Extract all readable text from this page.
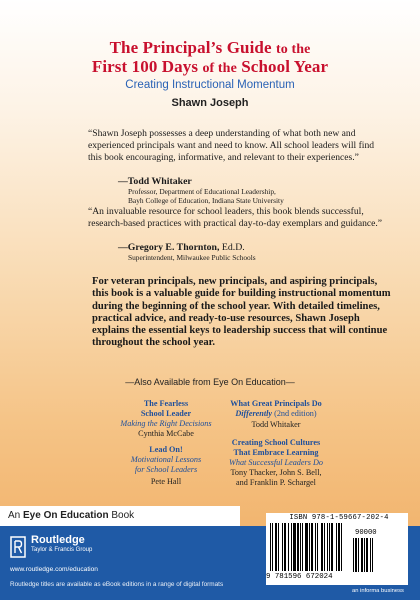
The Principal’s Guide to the
First 100 Days of the School Year
Creating Instructional Momentum
Shawn Joseph
“Shawn Joseph possesses a deep understanding of what both new and experienced principals want and need to know. All school leaders will find this book encouraging, informative, and relevant to their experiences.”
—Todd Whitaker
Professor, Department of Educational Leadership,
Bayh College of Education, Indiana State University
“An invaluable resource for school leaders, this book blends successful, research-based practices with practical day-to-day exemplars and guidance.”
—Gregory E. Thornton, Ed.D.
Superintendent, Milwaukee Public Schools
For veteran principals, new principals, and aspiring principals, this book is a valuable guide for building instructional momentum during the beginning of the school year. With detailed timelines, practical advice, and ready-to-use resources, Shawn Joseph explains the essential keys to leadership success that will continue throughout the school year.
—Also Available from Eye On Education—
The Fearless
School Leader
Making the Right Decisions
Cynthia McCabe
Lead On!
Motivational Lessons
for School Leaders
Pete Hall
What Great Principals Do
Differently (2nd edition)
Todd Whitaker
Creating School Cultures
That Embrace Learning
What Successful Leaders Do
Tony Thacker, John S. Bell,
and Franklin P. Schargel
An Eye On Education Book
Routledge
Taylor & Francis Group
www.routledge.com/education
Routledge titles are available as eBook editions in a range of digital formats
an informa business
ISBN 978-1-59667-202-4
9 781596 672024
90000
